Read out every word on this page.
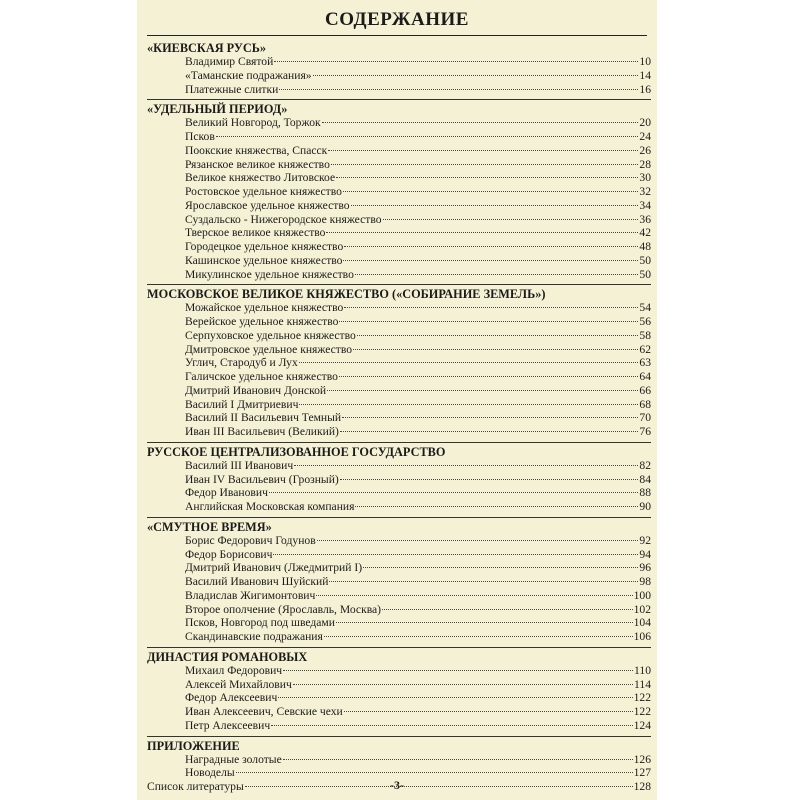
СОДЕРЖАНИЕ
«КИЕВСКАЯ РУСЬ»
Владимир Святой	10
«Таманские подражания»	14
Платежные слитки	16
«УДЕЛЬНЫЙ ПЕРИОД»
Великий Новгород, Торжок	20
Псков	24
Поокские княжества, Спасск	26
Рязанское великое княжество	28
Великое княжество Литовское	30
Ростовское удельное княжество	32
Ярославское удельное княжество	34
Суздальско - Нижегородское княжество	36
Тверское великое княжество	42
Городецкое удельное княжество	48
Кашинское удельное княжество	50
Микулинское удельное княжество	50
МОСКОВСКОЕ ВЕЛИКОЕ КНЯЖЕСТВО («СОБИРАНИЕ ЗЕМЕЛЬ»)
Можайское удельное княжество	54
Верейское удельное княжество	56
Серпуховское удельное княжество	58
Дмитровское удельное княжество	62
Углич, Стародуб и Лух	63
Галичское удельное княжество	64
Дмитрий Иванович Донской	66
Василий I Дмитриевич	68
Василий II Васильевич Темный	70
Иван III Васильевич (Великий)	76
РУССКОЕ ЦЕНТРАЛИЗОВАННОЕ ГОСУДАРСТВО
Василий III Иванович	82
Иван IV Васильевич (Грозный)	84
Федор Иванович	88
Английская Московская компания	90
«СМУТНОЕ ВРЕМЯ»
Борис Федорович Годунов	92
Федор Борисович	94
Дмитрий Иванович (Лжедмитрий I)	96
Василий Иванович Шуйский	98
Владислав Жигимонтович	100
Второе ополчение (Ярославль, Москва)	102
Псков, Новгород под шведами	104
Скандинавские подражания	106
ДИНАСТИЯ РОМАНОВЫХ
Михаил Федорович	110
Алексей Михайлович	114
Федор Алексеевич	122
Иван Алексеевич, Севские чехи	122
Петр Алексеевич	124
ПРИЛОЖЕНИЕ
Наградные золотые	126
Новоделы	127
Список литературы	128
-3-
